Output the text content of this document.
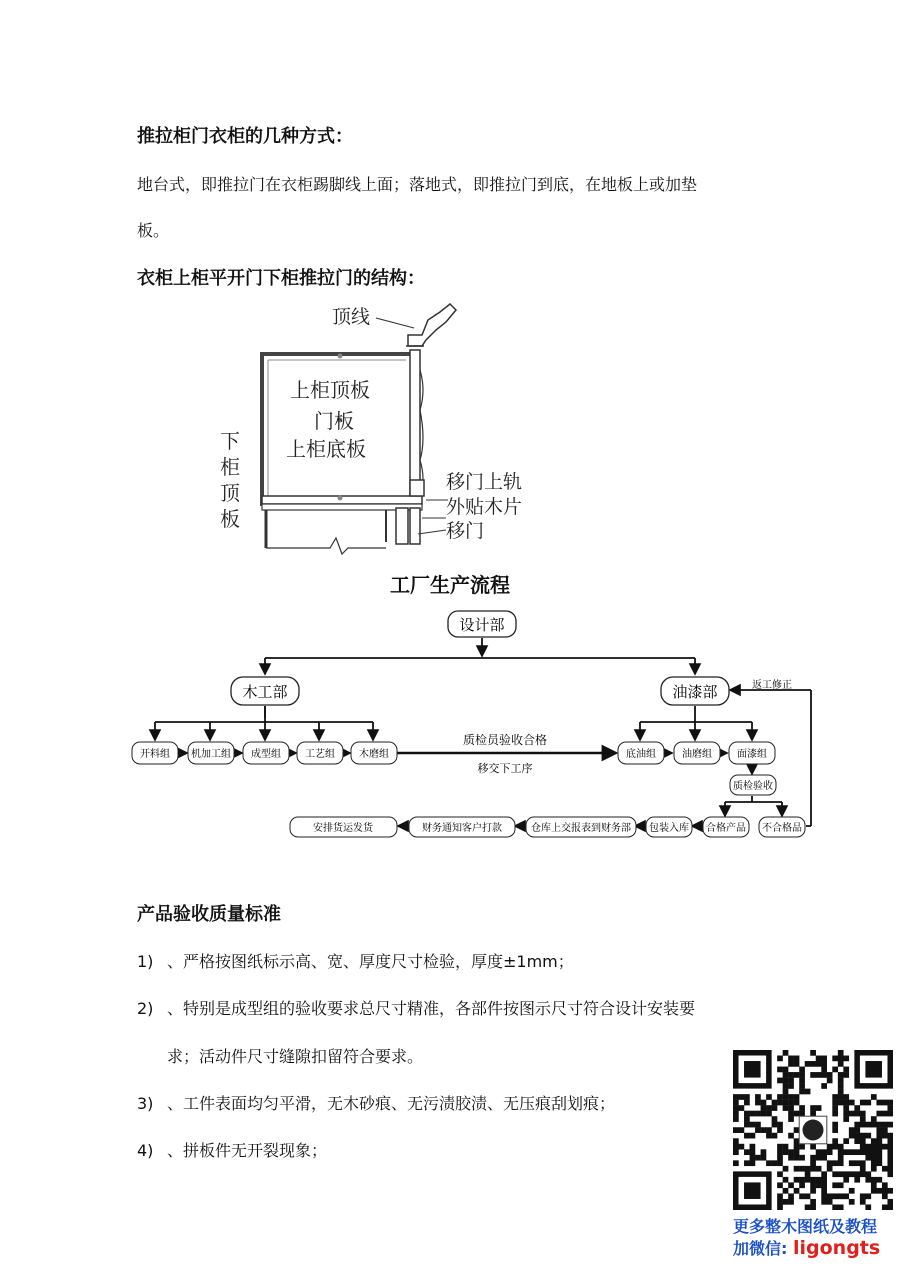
推拉柜门衣柜的几种方式：
地台式，即推拉门在衣柜踢脚线上面；落地式，即推拉门到底，在地板上或加垫
板。
衣柜上柜平开门下柜推拉门的结构：
顶线
上柜顶板
门板
上柜底板
下
柜
顶
板
移门上轨
外贴木片
移门
工厂生产流程
设计部
木工部	油漆部	返工修正
开料组 机加工组 成型组 工艺组 木磨组
质检员验收合格
移交下工序
底油组	油磨组	面漆组
质检验收
合格产品 不合格品
包装入库
仓库上交报表到财务部
财务通知客户打款
安排货运发货
产品验收质量标准
1) 、严格按图纸标示高、宽、厚度尺寸检验，厚度±1mm；
2) 、特别是成型组的验收要求总尺寸精准，各部件按图示尺寸符合设计安装要
求；活动件尺寸缝隙扣留符合要求。
3) 、工件表面均匀平滑，无木砂痕、无污渍胶渍、无压痕刮划痕；
4) 、拼板件无开裂现象；
更多整木图纸及教程
加微信: ligongts
